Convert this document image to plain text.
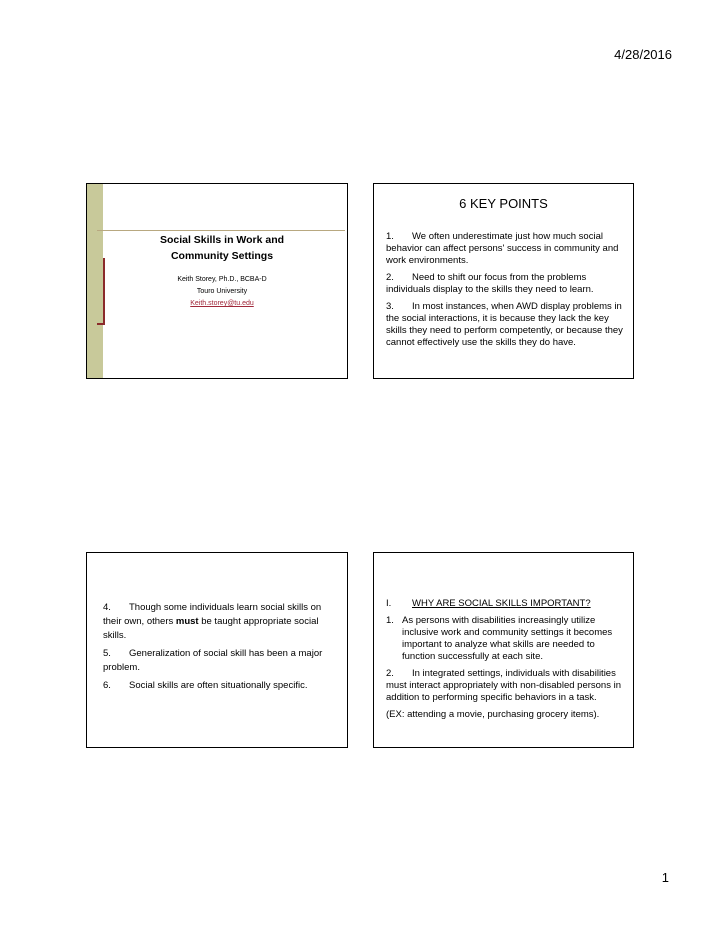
4/28/2016
Social Skills in Work and
Community Settings
Keith Storey, Ph.D., BCBA-D
Touro University
Keith.storey@tu.edu
6 KEY POINTS
1. We often underestimate just how much social behavior can affect persons' success in community and work environments.
2. Need to shift our focus from the problems individuals display to the skills they need to learn.
3. In most instances, when AWD display problems in the social interactions, it is because they lack the key skills they need to perform competently, or because they cannot effectively use the skills they do have.
4. Though some individuals learn social skills on their own, others must be taught appropriate social skills.
5. Generalization of social skill has been a major problem.
6. Social skills are often situationally specific.
I. WHY ARE SOCIAL SKILLS IMPORTANT?
1. As persons with disabilities increasingly utilize inclusive work and community settings it becomes important to analyze what skills are needed to function successfully at each site.
2. In integrated settings, individuals with disabilities must interact appropriately with non-disabled persons in addition to performing specific behaviors in a task.
(EX: attending a movie, purchasing grocery items).
1
